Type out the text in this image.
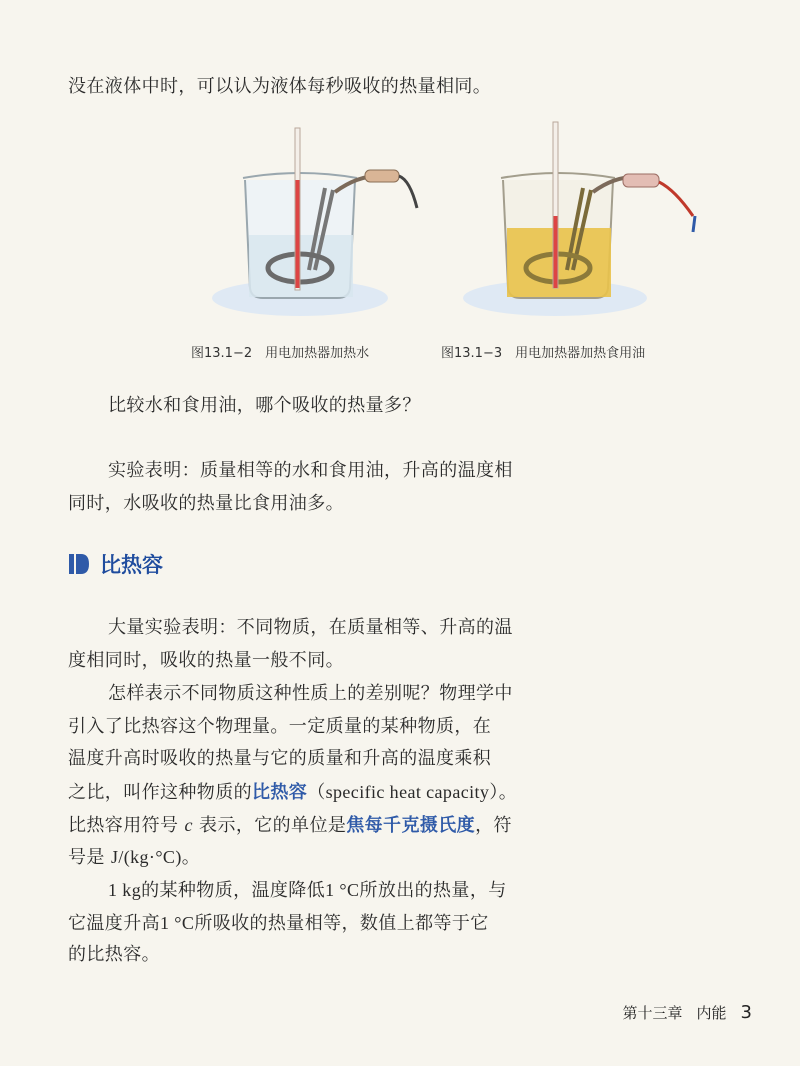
没在液体中时，可以认为液体每秒吸收的热量相同。
图13.1−2　用电加热器加热水	图13.1−3　用电加热器加热食用油
比较水和食用油，哪个吸收的热量多？
实验表明：质量相等的水和食用油，升高的温度相
同时，水吸收的热量比食用油多。
比热容
大量实验表明：不同物质，在质量相等、升高的温
度相同时，吸收的热量一般不同。
怎样表示不同物质这种性质上的差别呢？物理学中
引入了比热容这个物理量。一定质量的某种物质，在
温度升高时吸收的热量与它的质量和升高的温度乘积
之比，叫作这种物质的比热容（specific heat capacity）。
比热容用符号 c 表示，它的单位是焦每千克摄氏度，符
号是 J/(kg·°C)。
1 kg的某种物质，温度降低1 °C所放出的热量，与
它温度升高1 °C所吸收的热量相等，数值上都等于它
的比热容。
第十三章 内能 3
